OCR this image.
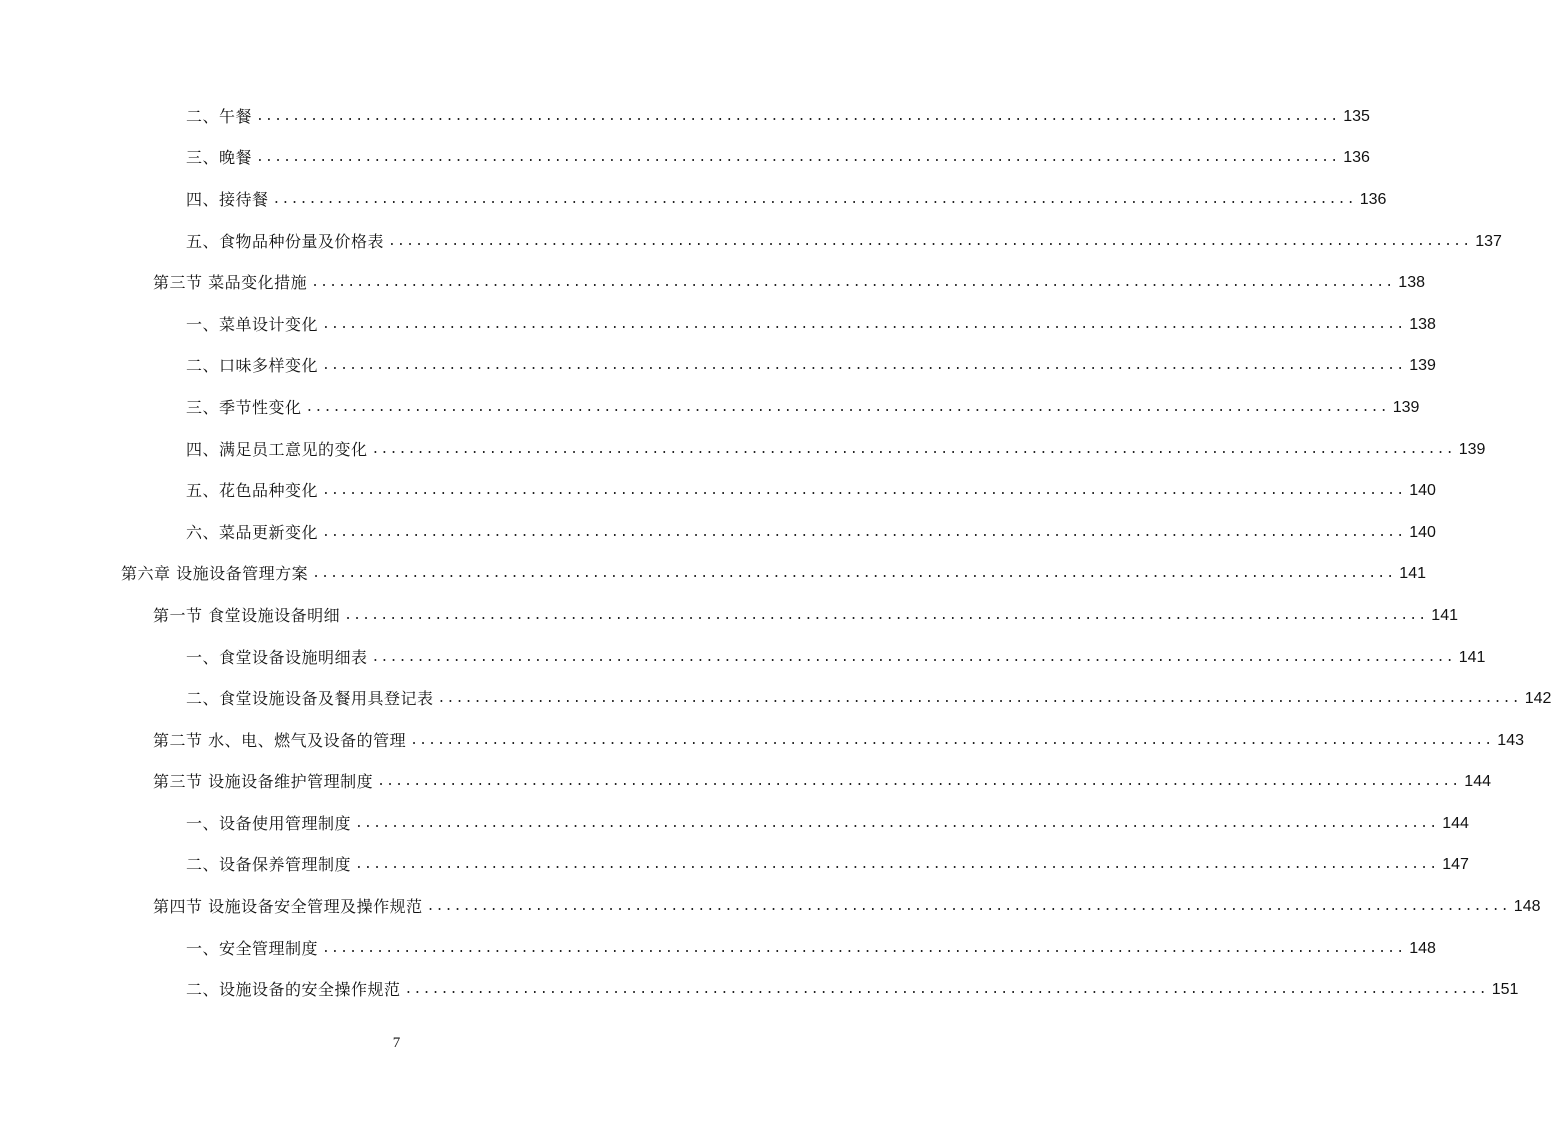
二、午餐 ........................................................................................................................ 135
三、晚餐 ........................................................................................................................ 136
四、接待餐 ........................................................................................................................ 136
五、食物品种份量及价格表 ........................................................................................................................ 137
第三节 菜品变化措施 ........................................................................................................................ 138
一、菜单设计变化 ........................................................................................................................ 138
二、口味多样变化 ........................................................................................................................ 139
三、季节性变化 ........................................................................................................................ 139
四、满足员工意见的变化 ........................................................................................................................ 139
五、花色品种变化 ........................................................................................................................ 140
六、菜品更新变化 ........................................................................................................................ 140
第六章 设施设备管理方案 ........................................................................................................................ 141
第一节 食堂设施设备明细 ........................................................................................................................ 141
一、食堂设备设施明细表 ........................................................................................................................ 141
二、食堂设施设备及餐用具登记表 ........................................................................................................................ 142
第二节 水、电、燃气及设备的管理 ........................................................................................................................ 143
第三节 设施设备维护管理制度 ........................................................................................................................ 144
一、设备使用管理制度 ........................................................................................................................ 144
二、设备保养管理制度 ........................................................................................................................ 147
第四节 设施设备安全管理及操作规范 ........................................................................................................................ 148
一、安全管理制度 ........................................................................................................................ 148
二、设施设备的安全操作规范 ........................................................................................................................ 151
7
